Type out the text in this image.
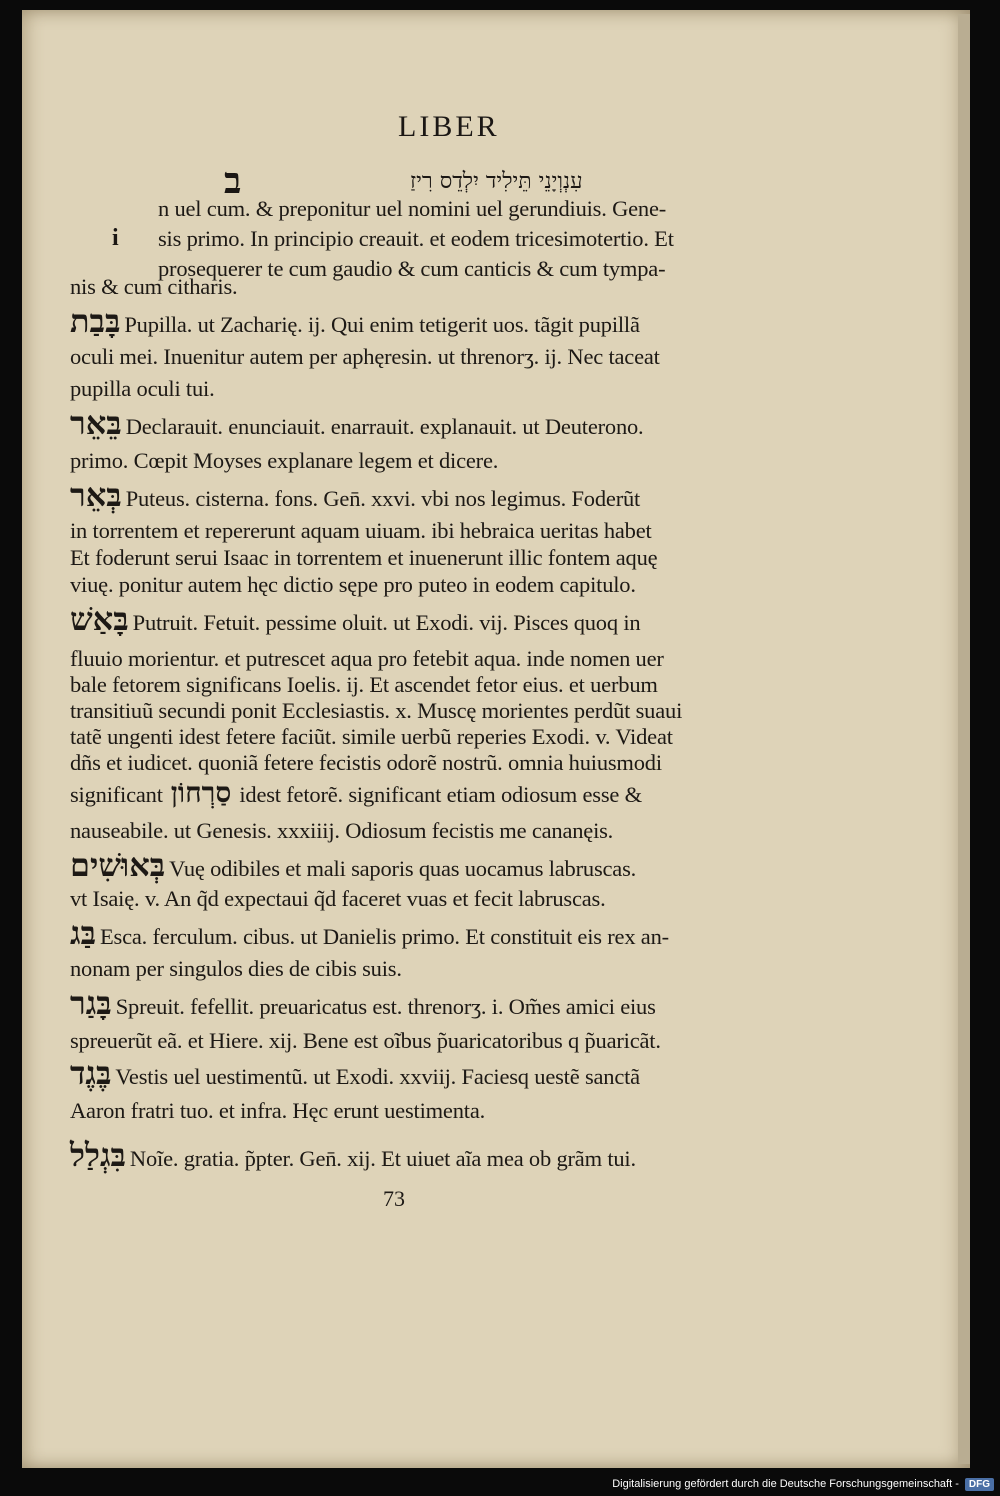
LIBER
ב	עִנְוְיָנֵי תֵּילִיד יִלְדֵס רִיזַ
i
n uel cum. & preponitur uel nomini uel gerundiuis. Gene-
sis primo. In principio creauit. et eodem tricesimotertio. Et
prosequerer te cum gaudio & cum canticis & cum tympa-
nis & cum citharis.
בָּבַת Pupilla. ut Zacharię. ij. Qui enim tetigerit uos. tãgit pupillã
oculi mei. Inuenitur autem per aphęresin. ut threnorʒ. ij. Nec taceat
pupilla oculi tui.
בֵּאֵר Declarauit. enunciauit. enarrauit. explanauit. ut Deuterono.
primo. Cœpit Moyses explanare legem et dicere.
בְּאֵר Puteus. cisterna. fons. Gen̄. xxvi. vbi nos legimus. Foderũt
in torrentem et repererunt aquam uiuam. ibi hebraica ueritas habet
Et foderunt serui Isaac in torrentem et inuenerunt illic fontem aquę
viuę. ponitur autem hęc dictio sępe pro puteo in eodem capitulo.
בָּאַשׁ Putruit. Fetuit. pessime oluit. ut Exodi. vij. Pisces quoq in
fluuio morientur. et putrescet aqua pro fetebit aqua. inde nomen uer
bale fetorem significans Ioelis. ij. Et ascendet fetor eius. et uerbum
transitiuũ secundi ponit Ecclesiastis. x. Muscę morientes perdũt suaui
tatẽ ungenti idest fetere faciũt. simile uerbũ reperies Exodi. v. Videat
dñs et iudicet. quoniã fetere fecistis odorẽ nostrũ. omnia huiusmodi
significant סַרְחוֹן idest fetorẽ. significant etiam odiosum esse &
nauseabile. ut Genesis. xxxiiij. Odiosum fecistis me cananęis.
בְּאוּשִׁים Vuę odibiles et mali saporis quas uocamus labruscas.
vt Isaię. v. An q̃d expectaui q̃d faceret vuas et fecit labruscas.
בַּג Esca. ferculum. cibus. ut Danielis primo. Et constituit eis rex an-
nonam per singulos dies de cibis suis.
בָּגַר Spreuit. fefellit. preuaricatus est. threnorʒ. i. Om̃es amici eius
spreuerũt eã. et Hiere. xij. Bene est oĩbus p̃uaricatoribus q p̃uaricãt.
בֶּגֶד Vestis uel uestimentũ. ut Exodi. xxviij. Faciesq uestẽ sanctã
Aaron fratri tuo. et infra. Hęc erunt uestimenta.
בִּגְלַל Noĩe. gratia. p̃pter. Gen̄. xij. Et uiuet aĩa mea ob grãm tui.
73
Digitalisierung gefördert durch die Deutsche Forschungsgemeinschaft -	DFG
